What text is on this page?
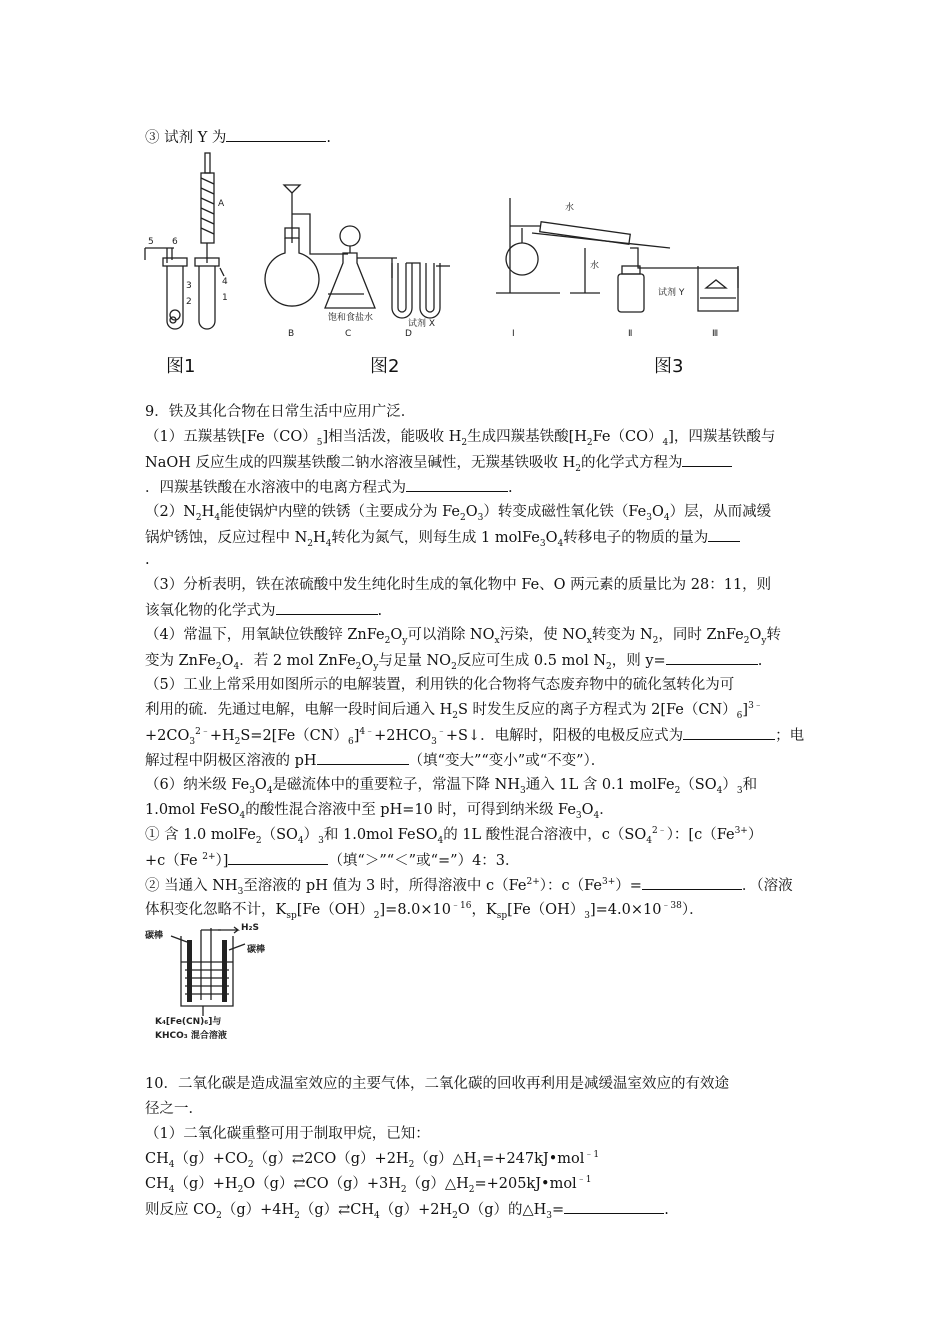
③ 试剂 Y 为	.
A
5 6
3
2
4
1
B	C	D
饱和食盐水
试剂 X
水
水
试剂 Y
Ⅰ	Ⅱ	Ⅲ
图1	图2	图3
9．铁及其化合物在日常生活中应用广泛．
（1）五羰基铁$[Fe(CO)_5]$相当活泼，能吸收 $H_2$生成四羰基铁酸$[H_2Fe(CO)_4]$，四羰基铁酸与
NaOH 反应生成的四羰基铁酸二钠水溶液呈碱性，无羰基铁吸收 $H_2$的化学式方程为
．四羰基铁酸在水溶液中的电离方程式为	.
$(2)N_2H_4$能使锅炉内壁的铁锈（主要成分为 $Fe_2O_3$）转变成磁性氧化铁$(Fe_3O_4)$层，从而减缓
锅炉锈蚀，反应过程中 $N_2H_4$转化为氮气，则每生成 1 $molFe_3O_4$转移电子的物质的量为
.
（3）分析表明，铁在浓硫酸中发生纯化时生成的氧化物中 Fe、O 两元素的质量比为 28：11，则
该氧化物的化学式为	.
（4）常温下，用氧缺位铁酸锌 $ZnFe_2O_y$可以消除 $NO_x$污染，使 $NO_x$转变为 $N_2$，同时 $ZnFe_2O_y$转
变为 $ZnFe_2O_4$．若 2 mol $ZnFe_2O_y$与足量 $NO_2$反应可生成 0.5 mol $N_2$，则 y=	.
（5）工业上常采用如图所示的电解装置，利用铁的化合物将气态废弃物中的硫化氢转化为可
利用的硫．先通过电解，电解一段时间后通入 $H_2S$ 时发生反应的离子方程式为 $2[Fe(CN)_6]^{3﹣}$
$+2CO_3^{2﹣}+H_2S=2[Fe(CN)_6]^{4﹣}+2HCO_3^﹣+S↓$．电解时，阳极的电极反应式为	；电
解过程中阴极区溶液的 pH	（填“变大”“变小”或“不变”）．
（6）纳米级 $Fe_3O_4$是磁流体中的重要粒子，常温下降 $NH_3$通入 1L 含 0.1 $molFe_2(SO_4)_3$和
1.0mol FeSO$_4$的酸性混合溶液中至 pH=10 时，可得到纳米级 $Fe_3O_4$．
① 含 1.0 $molFe_2(SO_4)_3$和 1.0mol FeSO$_4$的 1L 酸性混合溶液中，$c(SO_4^{2﹣})$：[$c(Fe^{3+})$
+c（Fe $^{2+}$）]	（填“＞”“＜”或“=”）4：3．
② 当通入 $NH_3$至溶液的 pH 值为 3 时，所得溶液中 $c(Fe^{2+})$：$c(Fe^{3+})=$	．（溶液
体积变化忽略不计，$K_{sp}[Fe(OH)_2]=8.0\times 10^{﹣16}$，$K_{sp}[Fe(OH)_3]=4.0\times 10^{﹣38}$）．
碳棒
H₂S
碳棒
K₄[Fe(CN)₆]与
KHCO₃ 混合溶液
10．二氧化碳是造成温室效应的主要气体，二氧化碳的回收再利用是减缓温室效应的有效途
径之一．
（1）二氧化碳重整可用于制取甲烷，已知：
$CH_4(g)+CO_2(g)⇄2CO(g)+2H_2(g)\triangle H_1=+247kJ•mol^{﹣1}$
$CH_4(g)+H_2O(g)⇄CO(g)+3H_2(g)\triangle H_2=+205kJ•mol^{﹣1}$
则反应 $CO_2(g)+4H_2(g)⇄CH_4(g)+2H_2O(g)$的$\triangle H_3=$	.
